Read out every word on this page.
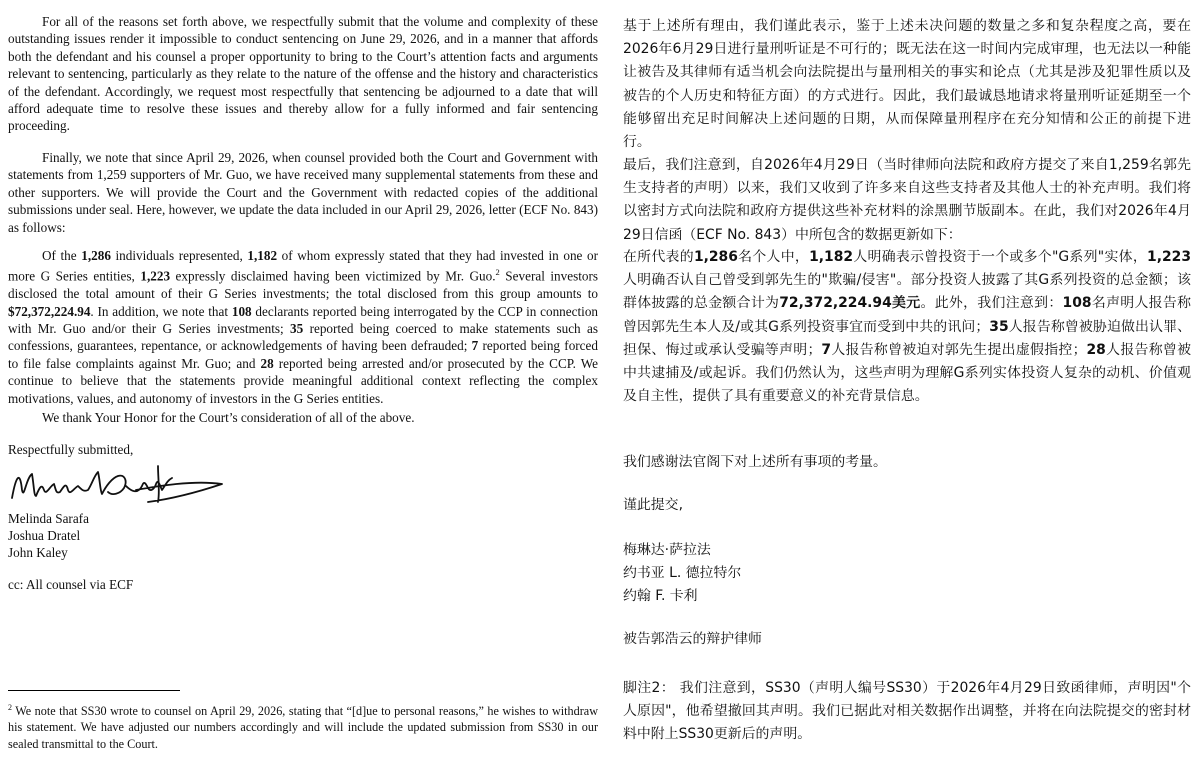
For all of the reasons set forth above, we respectfully submit that the volume and complexity of these outstanding issues render it impossible to conduct sentencing on June 29, 2026, and in a manner that affords both the defendant and his counsel a proper opportunity to bring to the Court’s attention facts and arguments relevant to sentencing, particularly as they relate to the nature of the offense and the history and characteristics of the defendant. Accordingly, we request most respectfully that sentencing be adjourned to a date that will afford adequate time to resolve these issues and thereby allow for a fully informed and fair sentencing proceeding.

Finally, we note that since April 29, 2026, when counsel provided both the Court and Government with statements from 1,259 supporters of Mr. Guo, we have received many supplemental statements from these and other supporters. We will provide the Court and the Government with redacted copies of the additional submissions under seal. Here, however, we update the data included in our April 29, 2026, letter (ECF No. 843) as follows:

Of the 1,286 individuals represented, 1,182 of whom expressly stated that they had invested in one or more G Series entities, 1,223 expressly disclaimed having been victimized by Mr. Guo.$^2$ Several investors disclosed the total amount of their G Series investments; the total disclosed from this group amounts to $72,372,224.94. In addition, we note that 108 declarants reported being interrogated by the CCP in connection with Mr. Guo and/or their G Series investments; 35 reported being coerced to make statements such as confessions, guarantees, repentance, or acknowledgements of having been defrauded; 7 reported being forced to file false complaints against Mr. Guo; and 28 reported being arrested and/or prosecuted by the CCP. We continue to believe that the statements provide meaningful additional context reflecting the complex motivations, values, and autonomy of investors in the G Series entities.

We thank Your Honor for the Court’s consideration of all of the above.

Respectfully submitted,

Melinda Sarafa

Joshua Dratel

John Kaley

cc: All counsel via ECF

$^2$ We note that SS30 wrote to counsel on April 29, 2026, stating that “[d]ue to personal reasons,” he wishes to withdraw his statement. We have adjusted our numbers accordingly and will include the updated submission from SS30 in our sealed transmittal to the Court.

基于上述所有理由，我们谨此表示，鉴于上述未决问题的数量之多和复杂程度之高，要在2026年6月29日进行量刑听证是不可行的；既无法在这一时间内完成审理，也无法以一种能让被告及其律师有适当机会向法院提出与量刑相关的事实和论点（尤其是涉及犯罪性质以及被告的个人历史和特征方面）的方式进行。因此，我们最诚恳地请求将量刑听证延期至一个能够留出充足时间解决上述问题的日期，从而保障量刑程序在充分知情和公正的前提下进行。

最后，我们注意到，自2026年4月29日（当时律师向法院和政府方提交了来自1,259名郭先生支持者的声明）以来，我们又收到了许多来自这些支持者及其他人士的补充声明。我们将以密封方式向法院和政府方提供这些补充材料的涂黑删节版副本。在此，我们对2026年4月29日信函（ECF No. 843）中所包含的数据更新如下：

在所代表的1,286名个人中，1,182人明确表示曾投资于一个或多个"G系列"实体，1,223人明确否认自己曾受到郭先生的"欺骗/侵害"。部分投资人披露了其G系列投资的总金额；该群体披露的总金额合计为72,372,224.94美元。此外，我们注意到：108名声明人报告称曾因郭先生本人及/或其G系列投资事宜而受到中共的讯问；35人报告称曾被胁迫做出认罪、担保、悔过或承认受骗等声明；7人报告称曾被迫对郭先生提出虚假指控；28人报告称曾被中共逮捕及/或起诉。我们仍然认为，这些声明为理解G系列实体投资人复杂的动机、价值观及自主性，提供了具有重要意义的补充背景信息。

我们感谢法官阁下对上述所有事项的考量。

谨此提交,

梅琳达·萨拉法

约书亚 L. 德拉特尔

约翰 F. 卡利

被告郭浩云的辩护律师

脚注2： 我们注意到，SS30（声明人编号SS30）于2026年4月29日致函律师，声明因"个人原因"，他希望撤回其声明。我们已据此对相关数据作出调整，并将在向法院提交的密封材料中附上SS30更新后的声明。
